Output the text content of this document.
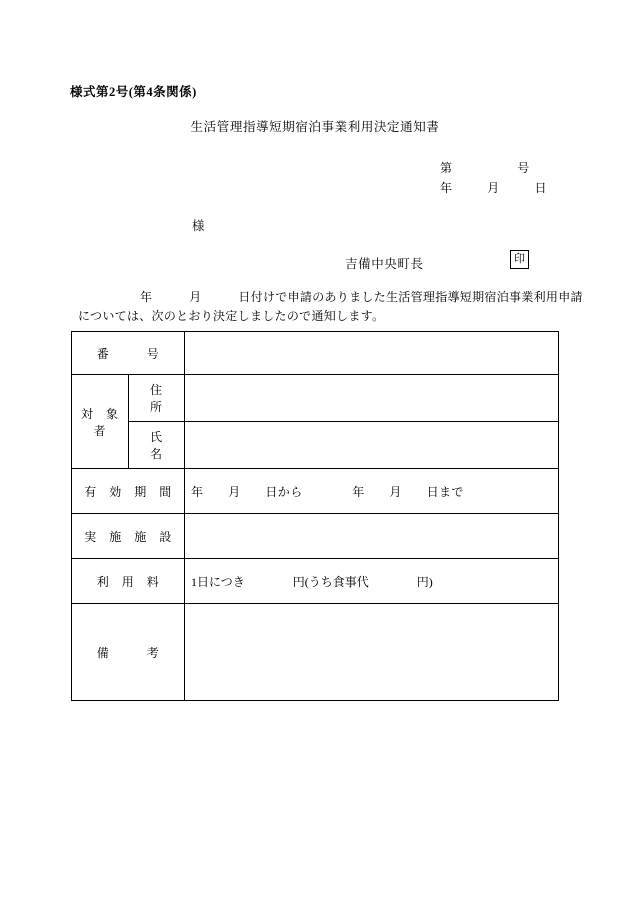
様式第2号(第4条関係)
生活管理指導短期宿泊事業利用決定通知書
第	号
年	月	日
様
吉備中央町長	印
年　　　月　　　日付けで申請のありました生活管理指導短期宿泊事業利用申請
については、次のとおり決定しましたので通知します。
番　　　号		
対　象　者	住　　所	
	氏　　名	
有　効　期　間		年　　月　　日から　　　　年　　月　　日まで
実　施　施　設		
利　用　料		1日につき　　　　円(うち食事代　　　　円)
備　　　考		
